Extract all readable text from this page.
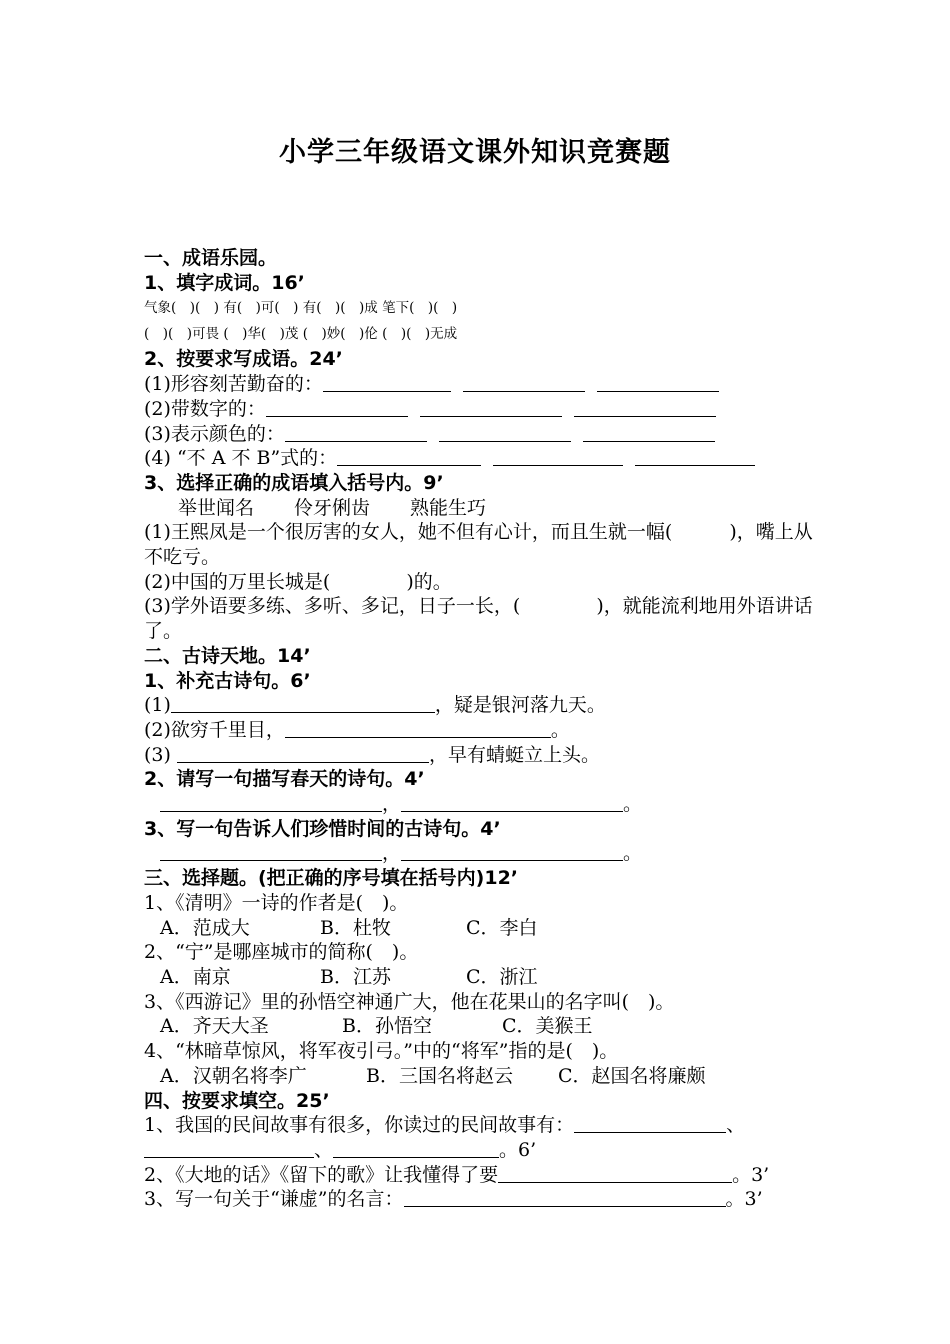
小学三年级语文课外知识竞赛题
一、成语乐园。
1、填字成词。16’
气象(　)(　) 有(　)可(　) 有(　)(　)成 笔下(　)(　)
(　)(　)可畏 (　)华(　)茂 (　)妙(　)伦 (　)(　)无成
2、按要求写成语。24’
(1)形容刻苦勤奋的：
(2)带数字的：
(3)表示颜色的：
(4) “不 A 不 B”式的：
3、选择正确的成语填入括号内。9’
举世闻名 伶牙俐齿 熟能生巧
(1)王熙凤是一个很厉害的女人，她不但有心计，而且生就一幅(　　　)，嘴上从不吃亏。
(2)中国的万里长城是(　　　　)的。
(3)学外语要多练、多听、多记，日子一长，(　　　　)，就能流利地用外语讲话了。
二、古诗天地。14’
1、补充古诗句。6’
(1)	，疑是银河落九天。
(2)欲穷千里目，	。
(3)	，早有蜻蜓立上头。
2、请写一句描写春天的诗句。4’
，	。
3、写一句告诉人们珍惜时间的古诗句。4’
，	。
三、选择题。(把正确的序号填在括号内)12’
1、《清明》一诗的作者是(　)。
A．范成大	B．杜牧	C．李白
2、“宁”是哪座城市的简称(　)。
A．南京	B．江苏	C．浙江
3、《西游记》里的孙悟空神通广大，他在花果山的名字叫(　)。
A．齐天大圣	B．孙悟空	C．美猴王
4、“林暗草惊风，将军夜引弓。”中的“将军”指的是(　)。
A．汉朝名将李广	B．三国名将赵云 C．赵国名将廉颇
四、按要求填空。25’
1、我国的民间故事有很多，你读过的民间故事有：	、
、	。6’
2、《大地的话》《留下的歌》让我懂得了要	。3’
3、写一句关于“谦虚”的名言：	。3’
